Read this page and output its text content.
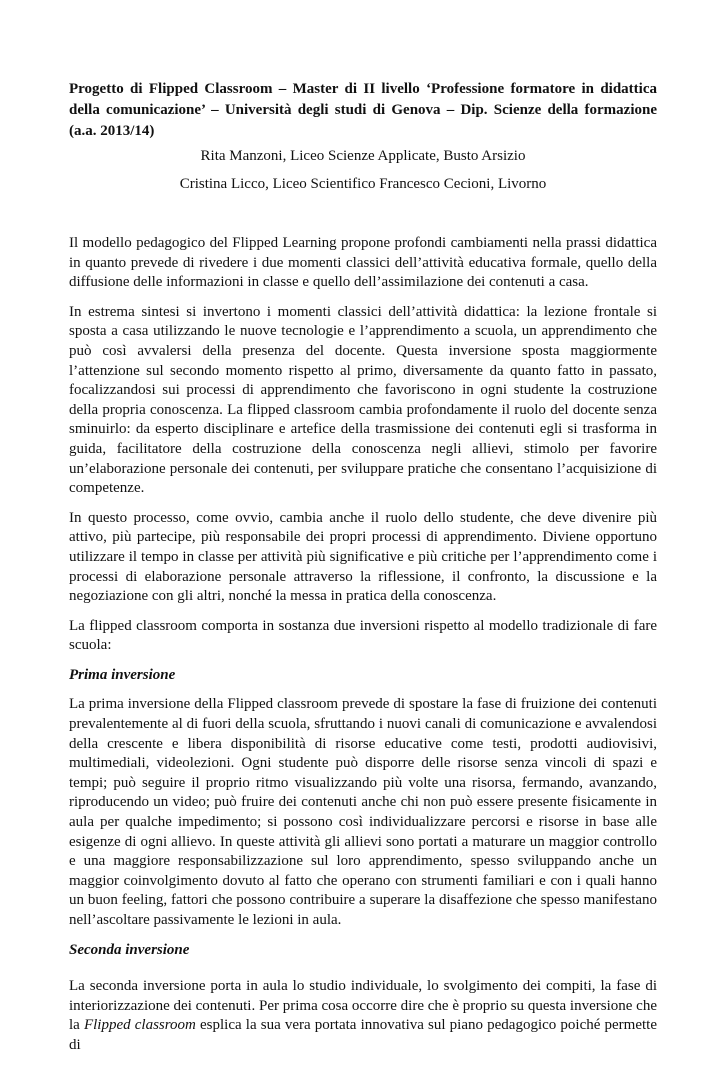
Progetto di Flipped Classroom – Master di II livello ‘Professione formatore in didattica della comunicazione’ – Università degli studi di Genova – Dip. Scienze della formazione (a.a. 2013/14)

Rita Manzoni, Liceo Scienze Applicate, Busto Arsizio

Cristina Licco, Liceo Scientifico Francesco Cecioni, Livorno

Il modello pedagogico del Flipped Learning propone profondi cambiamenti nella prassi didattica in quanto prevede di rivedere i due momenti classici dell’attività educativa formale, quello della diffusione delle informazioni in classe e quello dell’assimilazione dei contenuti a casa.

In estrema sintesi si invertono i momenti classici dell’attività didattica: la lezione frontale si sposta a casa utilizzando le nuove tecnologie e l’apprendimento a scuola, un apprendimento che può così avvalersi della presenza del docente. Questa inversione sposta maggiormente l’attenzione sul secondo momento rispetto al primo, diversamente da quanto fatto in passato, focalizzandosi sui processi di apprendimento che favoriscono in ogni studente la costruzione della propria conoscenza. La flipped classroom cambia profondamente il ruolo del docente senza sminuirlo: da esperto disciplinare e artefice della trasmissione dei contenuti egli si trasforma in guida, facilitatore della costruzione della conoscenza negli allievi, stimolo per favorire un’elaborazione personale dei contenuti, per sviluppare pratiche che consentano l’acquisizione di competenze.

In questo processo, come ovvio, cambia anche il ruolo dello studente, che deve divenire più attivo, più partecipe, più responsabile dei propri processi di apprendimento. Diviene opportuno utilizzare il tempo in classe per attività più significative e più critiche per l’apprendimento come i processi di elaborazione personale attraverso la riflessione, il confronto, la discussione e la negoziazione con gli altri, nonché la messa in pratica della conoscenza.

La flipped classroom comporta in sostanza due inversioni rispetto al modello tradizionale di fare scuola:

Prima inversione

La prima inversione della Flipped classroom prevede di spostare la fase di fruizione dei contenuti prevalentemente al di fuori della scuola, sfruttando i nuovi canali di comunicazione e avvalendosi della crescente e libera disponibilità di risorse educative come testi, prodotti audiovisivi, multimediali, videolezioni. Ogni studente può disporre delle risorse senza vincoli di spazi e tempi; può seguire il proprio ritmo visualizzando più volte una risorsa, fermando, avanzando, riproducendo un video; può fruire dei contenuti anche chi non può essere presente fisicamente in aula per qualche impedimento; si possono così individualizzare percorsi e risorse in base alle esigenze di ogni allievo. In queste attività gli allievi sono portati a maturare un maggior controllo e una maggiore responsabilizzazione sul loro apprendimento, spesso sviluppando anche un maggior coinvolgimento dovuto al fatto che operano con strumenti familiari e con i quali hanno un buon feeling, fattori che possono contribuire a superare la disaffezione che spesso manifestano nell’ascoltare passivamente le lezioni in aula.

Seconda inversione

La seconda inversione porta in aula lo studio individuale, lo svolgimento dei compiti, la fase di interiorizzazione dei contenuti. Per prima cosa occorre dire che è proprio su questa inversione che la Flipped classroom esplica la sua vera portata innovativa sul piano pedagogico poiché permette di
